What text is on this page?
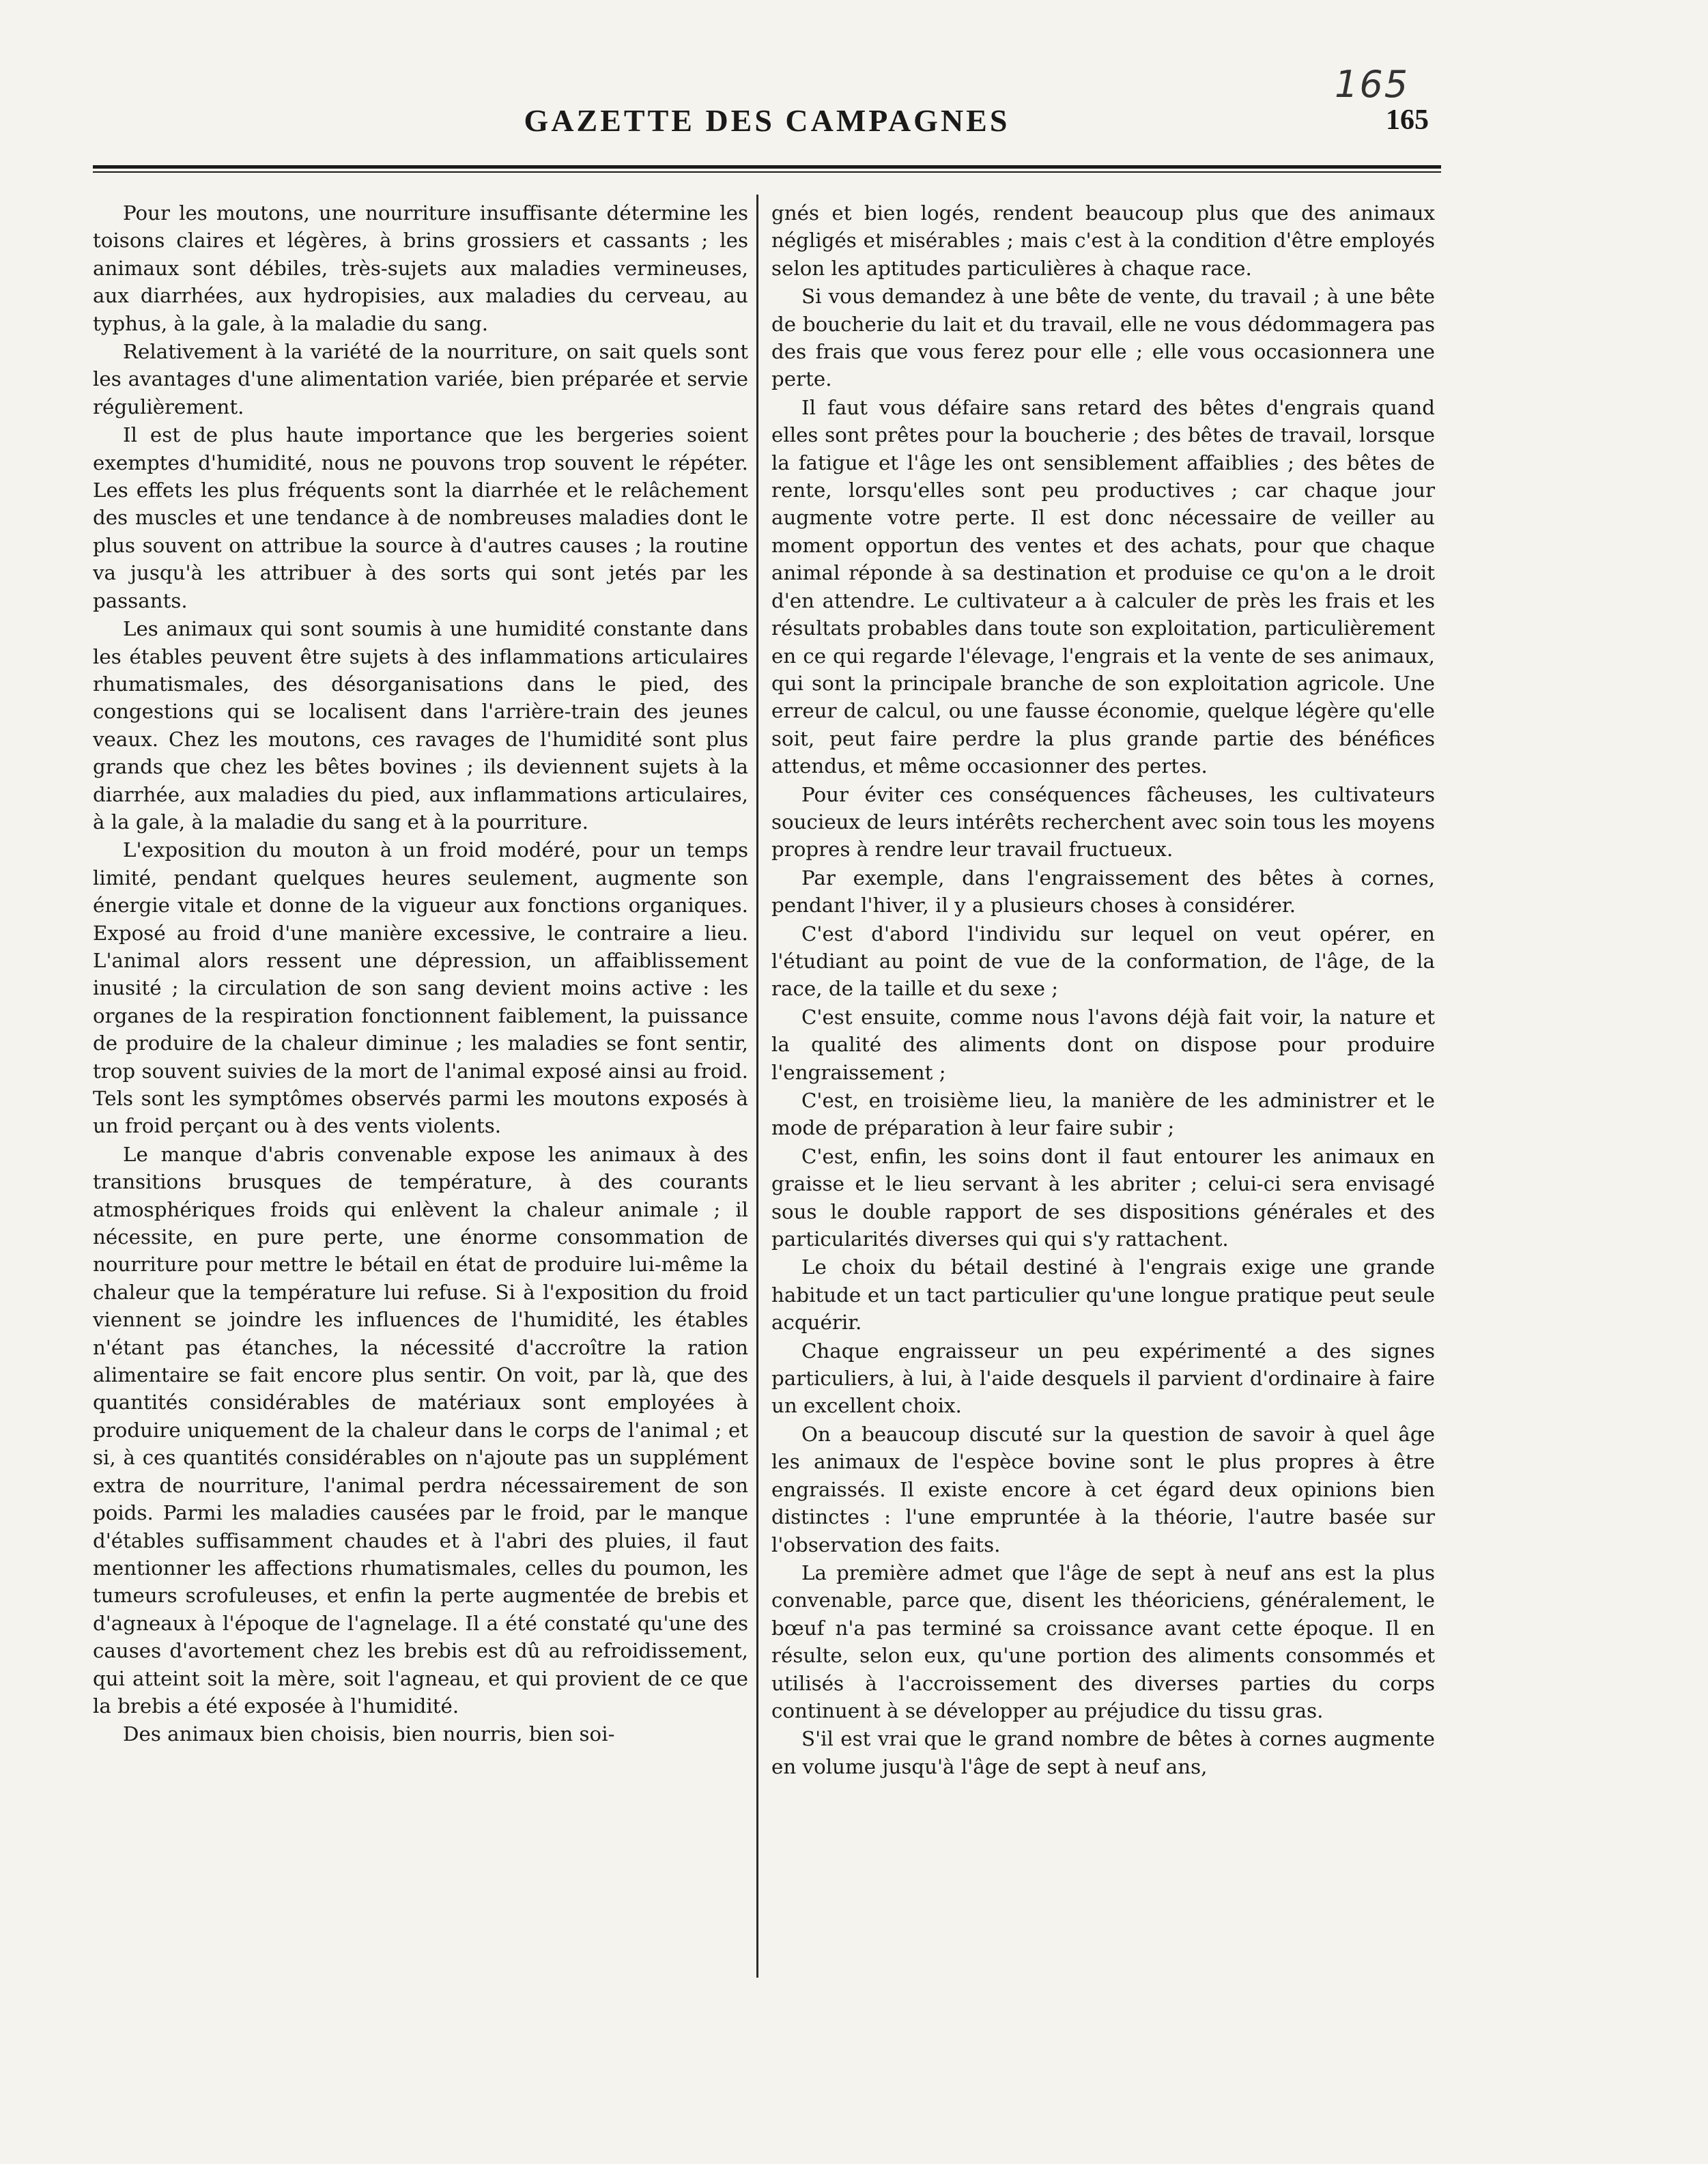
165
GAZETTE DES CAMPAGNES	165

Pour les moutons, une nourriture insuffisante détermine les toisons claires et légères, à brins grossiers et cassants ; les animaux sont débiles, très-sujets aux maladies vermineuses, aux diarrhées, aux hydropisies, aux maladies du cerveau, au typhus, à la gale, à la maladie du sang.

Relativement à la variété de la nourriture, on sait quels sont les avantages d'une alimentation variée, bien préparée et servie régulièrement.

Il est de plus haute importance que les bergeries soient exemptes d'humidité, nous ne pouvons trop souvent le répéter. Les effets les plus fréquents sont la diarrhée et le relâchement des muscles et une tendance à de nombreuses maladies dont le plus souvent on attribue la source à d'autres causes ; la routine va jusqu'à les attribuer à des sorts qui sont jetés par les passants.

Les animaux qui sont soumis à une humidité constante dans les étables peuvent être sujets à des inflammations articulaires rhumatismales, des désorganisations dans le pied, des congestions qui se localisent dans l'arrière-train des jeunes veaux. Chez les moutons, ces ravages de l'humidité sont plus grands que chez les bêtes bovines ; ils deviennent sujets à la diarrhée, aux maladies du pied, aux inflammations articulaires, à la gale, à la maladie du sang et à la pourriture.

L'exposition du mouton à un froid modéré, pour un temps limité, pendant quelques heures seulement, augmente son énergie vitale et donne de la vigueur aux fonctions organiques. Exposé au froid d'une manière excessive, le contraire a lieu. L'animal alors ressent une dépression, un affaiblissement inusité ; la circulation de son sang devient moins active : les organes de la respiration fonctionnent faiblement, la puissance de produire de la chaleur diminue ; les maladies se font sentir, trop souvent suivies de la mort de l'animal exposé ainsi au froid. Tels sont les symptômes observés parmi les moutons exposés à un froid perçant ou à des vents violents.

Le manque d'abris convenable expose les animaux à des transitions brusques de température, à des courants atmosphériques froids qui enlèvent la chaleur animale ; il nécessite, en pure perte, une énorme consommation de nourriture pour mettre le bétail en état de produire lui-même la chaleur que la température lui refuse. Si à l'exposition du froid viennent se joindre les influences de l'humidité, les étables n'étant pas étanches, la nécessité d'accroître la ration alimentaire se fait encore plus sentir. On voit, par là, que des quantités considérables de matériaux sont employées à produire uniquement de la chaleur dans le corps de l'animal ; et si, à ces quantités considérables on n'ajoute pas un supplément extra de nourriture, l'animal perdra nécessairement de son poids. Parmi les maladies causées par le froid, par le manque d'étables suffisamment chaudes et à l'abri des pluies, il faut mentionner les affections rhumatismales, celles du poumon, les tumeurs scrofuleuses, et enfin la perte augmentée de brebis et d'agneaux à l'époque de l'agnelage. Il a été constaté qu'une des causes d'avortement chez les brebis est dû au refroidissement, qui atteint soit la mère, soit l'agneau, et qui provient de ce que la brebis a été exposée à l'humidité.

Des animaux bien choisis, bien nourris, bien soi-

gnés et bien logés, rendent beaucoup plus que des animaux négligés et misérables ; mais c'est à la condition d'être employés selon les aptitudes particulières à chaque race.

Si vous demandez à une bête de vente, du travail ; à une bête de boucherie du lait et du travail, elle ne vous dédommagera pas des frais que vous ferez pour elle ; elle vous occasionnera une perte.

Il faut vous défaire sans retard des bêtes d'engrais quand elles sont prêtes pour la boucherie ; des bêtes de travail, lorsque la fatigue et l'âge les ont sensiblement affaiblies ; des bêtes de rente, lorsqu'elles sont peu productives ; car chaque jour augmente votre perte. Il est donc nécessaire de veiller au moment opportun des ventes et des achats, pour que chaque animal réponde à sa destination et produise ce qu'on a le droit d'en attendre. Le cultivateur a à calculer de près les frais et les résultats probables dans toute son exploitation, particulièrement en ce qui regarde l'élevage, l'engrais et la vente de ses animaux, qui sont la principale branche de son exploitation agricole. Une erreur de calcul, ou une fausse économie, quelque légère qu'elle soit, peut faire perdre la plus grande partie des bénéfices attendus, et même occasionner des pertes.

Pour éviter ces conséquences fâcheuses, les cultivateurs soucieux de leurs intérêts recherchent avec soin tous les moyens propres à rendre leur travail fructueux.

Par exemple, dans l'engraissement des bêtes à cornes, pendant l'hiver, il y a plusieurs choses à considérer.

C'est d'abord l'individu sur lequel on veut opérer, en l'étudiant au point de vue de la conformation, de l'âge, de la race, de la taille et du sexe ;

C'est ensuite, comme nous l'avons déjà fait voir, la nature et la qualité des aliments dont on dispose pour produire l'engraissement ;

C'est, en troisième lieu, la manière de les administrer et le mode de préparation à leur faire subir ;

C'est, enfin, les soins dont il faut entourer les animaux en graisse et le lieu servant à les abriter ; celui-ci sera envisagé sous le double rapport de ses dispositions générales et des particularités diverses qui qui s'y rattachent.

Le choix du bétail destiné à l'engrais exige une grande habitude et un tact particulier qu'une longue pratique peut seule acquérir.

Chaque engraisseur un peu expérimenté a des signes particuliers, à lui, à l'aide desquels il parvient d'ordinaire à faire un excellent choix.

On a beaucoup discuté sur la question de savoir à quel âge les animaux de l'espèce bovine sont le plus propres à être engraissés. Il existe encore à cet égard deux opinions bien distinctes : l'une empruntée à la théorie, l'autre basée sur l'observation des faits.

La première admet que l'âge de sept à neuf ans est la plus convenable, parce que, disent les théoriciens, généralement, le bœuf n'a pas terminé sa croissance avant cette époque. Il en résulte, selon eux, qu'une portion des aliments consommés et utilisés à l'accroissement des diverses parties du corps continuent à se développer au préjudice du tissu gras.

S'il est vrai que le grand nombre de bêtes à cornes augmente en volume jusqu'à l'âge de sept à neuf ans,
